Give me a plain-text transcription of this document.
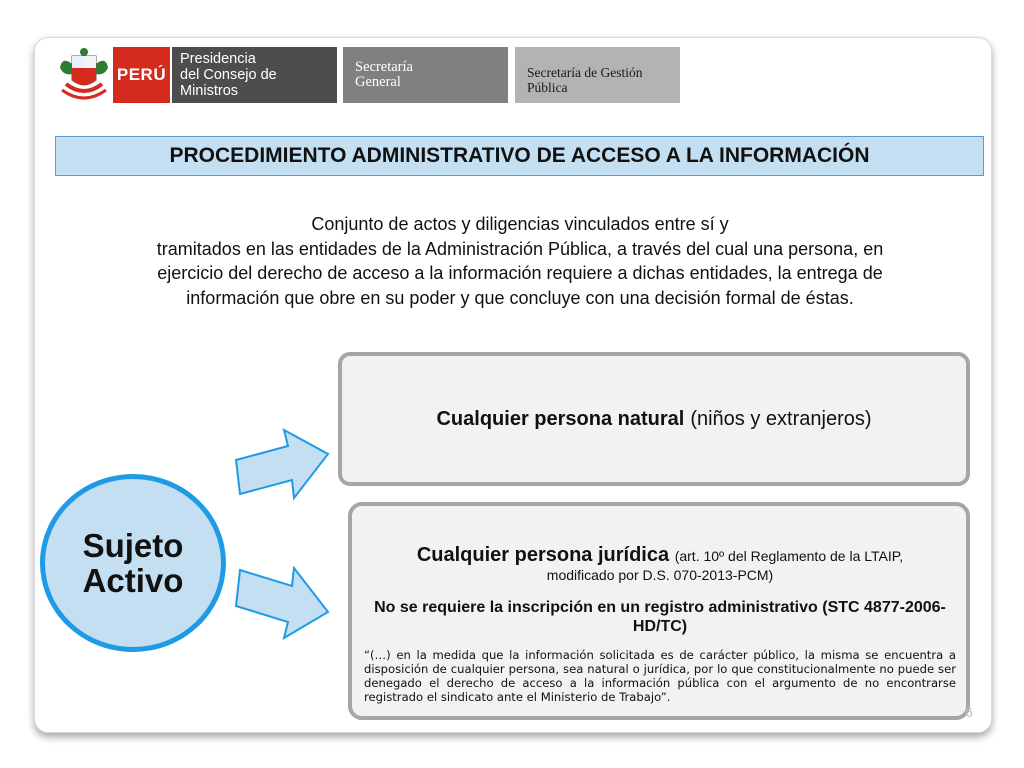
PERÚ
Presidencia
del Consejo de Ministros
Secretaría
General
Secretaría de Gestión
Pública
PROCEDIMIENTO ADMINISTRATIVO DE ACCESO A LA INFORMACIÓN
Conjunto de actos y diligencias vinculados entre sí y
tramitados en las entidades de la Administración Pública, a través del cual una persona, en
ejercicio del derecho de acceso a la información requiere a dichas entidades, la entrega de
información que obre en su poder y que concluye con una decisión formal de éstas.
Cualquier persona natural (niños y extranjeros)
Cualquier persona jurídica (art. 10º del Reglamento de la LTAIP,
modificado por D.S. 070-2013-PCM)
No se requiere la inscripción en un registro administrativo (STC 4877-2006-HD/TC)
“(…) en la medida que la información solicitada es de carácter público, la misma se encuentra a disposición de cualquier persona, sea natural o jurídica, por lo que constitucionalmente no puede ser denegado el derecho de acceso a la información pública con el argumento de no encontrarse registrado el sindicato ante el Ministerio de Trabajo”.
Sujeto
Activo
6
